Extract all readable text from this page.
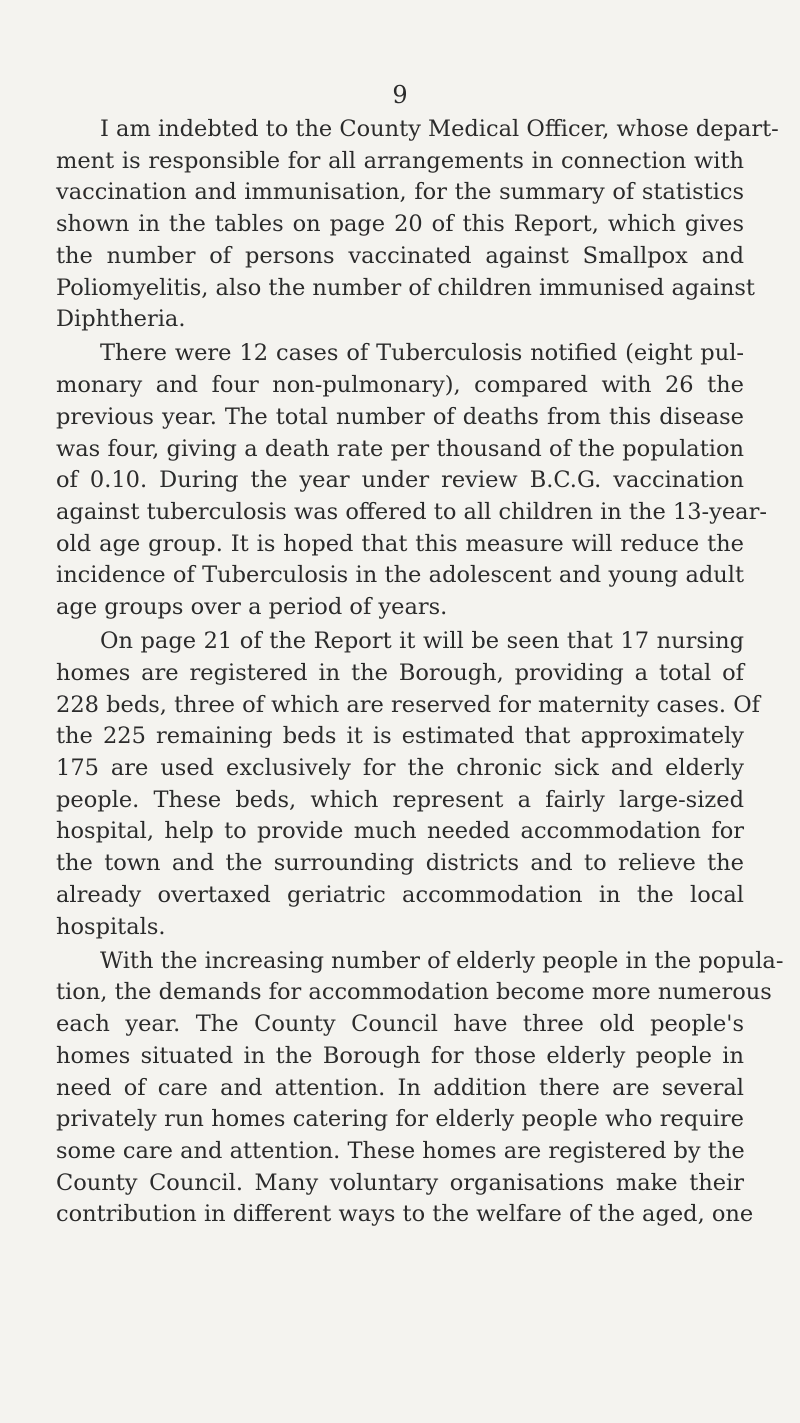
9
I am indebted to the County Medical Officer, whose depart-
ment is responsible for all arrangements in connection with
vaccination and immunisation, for the summary of statistics
shown in the tables on page 20 of this Report, which gives
the number of persons vaccinated against Smallpox and
Poliomyelitis, also the number of children immunised against
Diphtheria.
There were 12 cases of Tuberculosis notified (eight pul-
monary and four non-pulmonary), compared with 26 the
previous year. The total number of deaths from this disease
was four, giving a death rate per thousand of the population
of 0.10. During the year under review B.C.G. vaccination
against tuberculosis was offered to all children in the 13-year-
old age group. It is hoped that this measure will reduce the
incidence of Tuberculosis in the adolescent and young adult
age groups over a period of years.
On page 21 of the Report it will be seen that 17 nursing
homes are registered in the Borough, providing a total of
228 beds, three of which are reserved for maternity cases. Of
the 225 remaining beds it is estimated that approximately
175 are used exclusively for the chronic sick and elderly
people. These beds, which represent a fairly large-sized
hospital, help to provide much needed accommodation for
the town and the surrounding districts and to relieve the
already overtaxed geriatric accommodation in the local
hospitals.
With the increasing number of elderly people in the popula-
tion, the demands for accommodation become more numerous
each year. The County Council have three old people's
homes situated in the Borough for those elderly people in
need of care and attention. In addition there are several
privately run homes catering for elderly people who require
some care and attention. These homes are registered by the
County Council. Many voluntary organisations make their
contribution in different ways to the welfare of the aged, one
